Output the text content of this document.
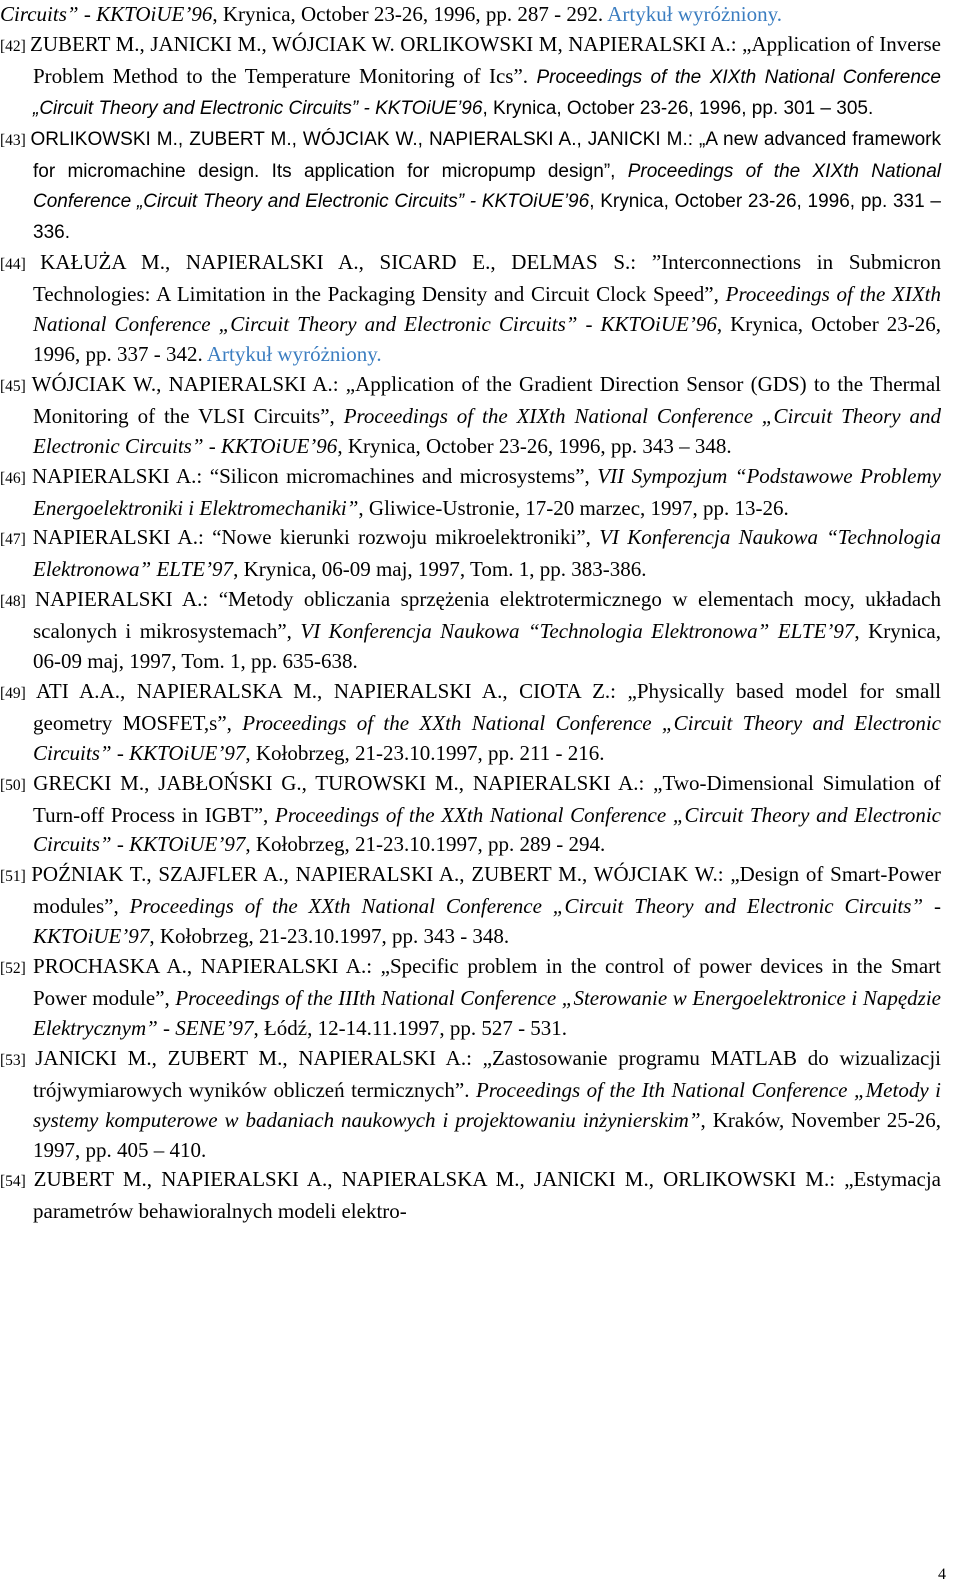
Circuits” - KKTOiUE’96, Krynica, October 23-26, 1996, pp. 287 - 292. Artykuł wyróżniony.
[42] ZUBERT M., JANICKI M., WÓJCIAK W. ORLIKOWSKI M, NAPIERALSKI A.: „Application of Inverse Problem Method to the Temperature Monitoring of Ics”. Proceedings of the XIXth National Conference „Circuit Theory and Electronic Circuits” - KKTOiUE’96, Krynica, October 23-26, 1996, pp. 301 – 305.
[43] ORLIKOWSKI M., ZUBERT M., WÓJCIAK W., NAPIERALSKI A., JANICKI M.: „A new advanced framework for micromachine design. Its application for micropump design”, Proceedings of the XIXth National Conference „Circuit Theory and Electronic Circuits” - KKTOiUE’96, Krynica, October 23-26, 1996, pp. 331 – 336.
[44] KAŁUŻA M., NAPIERALSKI A., SICARD E., DELMAS S.: ”Interconnections in Submicron Technologies: A Limitation in the Packaging Density and Circuit Clock Speed”, Proceedings of the XIXth National Conference „Circuit Theory and Electronic Circuits” - KKTOiUE’96, Krynica, October 23-26, 1996, pp. 337 - 342. Artykuł wyróżniony.
[45] WÓJCIAK W., NAPIERALSKI A.: „Application of the Gradient Direction Sensor (GDS) to the Thermal Monitoring of the VLSI Circuits”, Proceedings of the XIXth National Conference „Circuit Theory and Electronic Circuits” - KKTOiUE’96, Krynica, October 23-26, 1996, pp. 343 – 348.
[46] NAPIERALSKI A.: “Silicon micromachines and microsystems”, VII Sympozjum “Podstawowe Problemy Energoelektroniki i Elektromechaniki”, Gliwice-Ustronie, 17-20 marzec, 1997, pp. 13-26.
[47] NAPIERALSKI A.: “Nowe kierunki rozwoju mikroelektroniki”, VI Konferencja Naukowa “Technologia Elektronowa” ELTE’97, Krynica, 06-09 maj, 1997, Tom. 1, pp. 383-386.
[48] NAPIERALSKI A.: “Metody obliczania sprzężenia elektrotermicznego w elementach mocy, układach scalonych i mikrosystemach”, VI Konferencja Naukowa “Technologia Elektronowa” ELTE’97, Krynica, 06-09 maj, 1997, Tom. 1, pp. 635-638.
[49] ATI A.A., NAPIERALSKA M., NAPIERALSKI A., CIOTA Z.: „Physically based model for small geometry MOSFET,s”, Proceedings of the XXth National Conference „Circuit Theory and Electronic Circuits” - KKTOiUE’97, Kołobrzeg, 21-23.10.1997, pp. 211 - 216.
[50] GRECKI M., JABŁOŃSKI G., TUROWSKI M., NAPIERALSKI A.: „Two-Dimensional Simulation of Turn-off Process in IGBT”, Proceedings of the XXth National Conference „Circuit Theory and Electronic Circuits” - KKTOiUE’97, Kołobrzeg, 21-23.10.1997, pp. 289 - 294.
[51] POŹNIAK T., SZAJFLER A., NAPIERALSKI A., ZUBERT M., WÓJCIAK W.: „Design of Smart-Power modules”, Proceedings of the XXth National Conference „Circuit Theory and Electronic Circuits” - KKTOiUE’97, Kołobrzeg, 21-23.10.1997, pp. 343 - 348.
[52] PROCHASKA A., NAPIERALSKI A.: „Specific problem in the control of power devices in the Smart Power module”, Proceedings of the IIIth National Conference „Sterowanie w Energoelektronice i Napędzie Elektrycznym” - SENE’97, Łódź, 12-14.11.1997, pp. 527 - 531.
[53] JANICKI M., ZUBERT M., NAPIERALSKI A.: „Zastosowanie programu MATLAB do wizualizacji trójwymiarowych wyników obliczeń termicznych”. Proceedings of the Ith National Conference „Metody i systemy komputerowe w badaniach naukowych i projektowaniu inżynierskim”, Kraków, November 25-26, 1997, pp. 405 – 410.
[54] ZUBERT M., NAPIERALSKI A., NAPIERALSKA M., JANICKI M., ORLIKOWSKI M.: „Estymacja parametrów behawioralnych modeli elektro-
4
